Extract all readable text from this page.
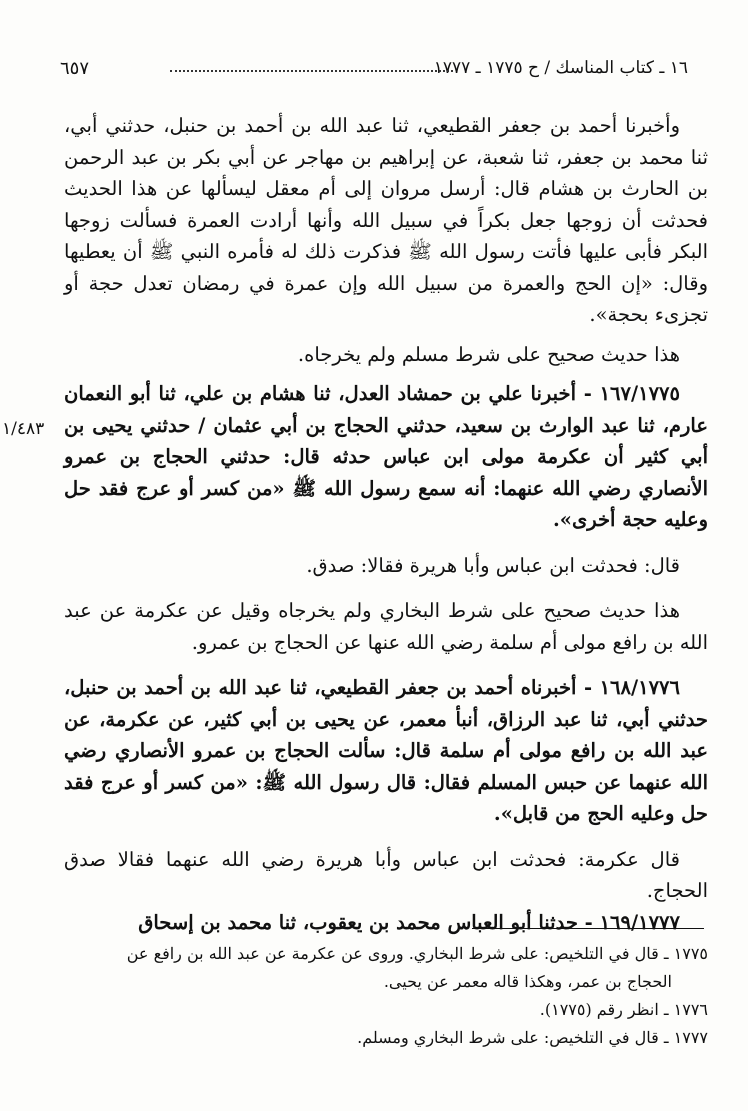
١٦ ـ كتاب المناسك / ح ١٧٧٥ ـ ١٧٧٧
٦٥٧

وأخبرنا أحمد بن جعفر القطيعي، ثنا عبد الله بن أحمد بن حنبل، حدثني أبي، ثنا محمد بن جعفر، ثنا شعبة، عن إبراهيم بن مهاجر عن أبي بكر بن عبد الرحمن بن الحارث بن هشام قال: أرسل مروان إلى أم معقل ليسألها عن هذا الحديث فحدثت أن زوجها جعل بكراً في سبيل الله وأنها أرادت العمرة فسألت زوجها البكر فأبى عليها فأتت رسول الله ﷺ فذكرت ذلك له فأمره النبي ﷺ أن يعطيها وقال: «إن الحج والعمرة من سبيل الله وإن عمرة في رمضان تعدل حجة أو تجزىء بحجة».

هذا حديث صحيح على شرط مسلم ولم يخرجاه.

١٦٧/١٧٧٥ - أخبرنا علي بن حمشاد العدل، ثنا هشام بن علي، ثنا أبو النعمان عارم، ثنا عبد الوارث بن سعيد، حدثني الحجاج بن أبي عثمان / حدثني يحيى بن أبي كثير أن عكرمة مولى ابن عباس حدثه قال: حدثني الحجاج بن عمرو الأنصاري رضي الله عنهما: أنه سمع رسول الله ﷺ «من كسر أو عرج فقد حل وعليه حجة أخرى».

قال: فحدثت ابن عباس وأبا هريرة فقالا: صدق.

هذا حديث صحيح على شرط البخاري ولم يخرجاه وقيل عن عكرمة عن عبد الله بن رافع مولى أم سلمة رضي الله عنها عن الحجاج بن عمرو.

١٦٨/١٧٧٦ - أخبرناه أحمد بن جعفر القطيعي، ثنا عبد الله بن أحمد بن حنبل، حدثني أبي، ثنا عبد الرزاق، أنبأ معمر، عن يحيى بن أبي كثير، عن عكرمة، عن عبد الله بن رافع مولى أم سلمة قال: سألت الحجاج بن عمرو الأنصاري رضي الله عنهما عن حبس المسلم فقال: قال رسول الله ﷺ: «من كسر أو عرج فقد حل وعليه الحج من قابل».

قال عكرمة: فحدثت ابن عباس وأبا هريرة رضي الله عنهما فقالا صدق الحجاج.

١٦٩/١٧٧٧ - حدثنا أبو العباس محمد بن يعقوب، ثنا محمد بن إسحاق

١/٤٨٣

١٧٧٥ ـ قال في التلخيص: على شرط البخاري. وروى عن عكرمة عن عبد الله بن رافع عن

الحجاج بن عمر، وهكذا قاله معمر عن يحيى.

١٧٧٦ ـ انظر رقم (١٧٧٥).

١٧٧٧ ـ قال في التلخيص: على شرط البخاري ومسلم.
